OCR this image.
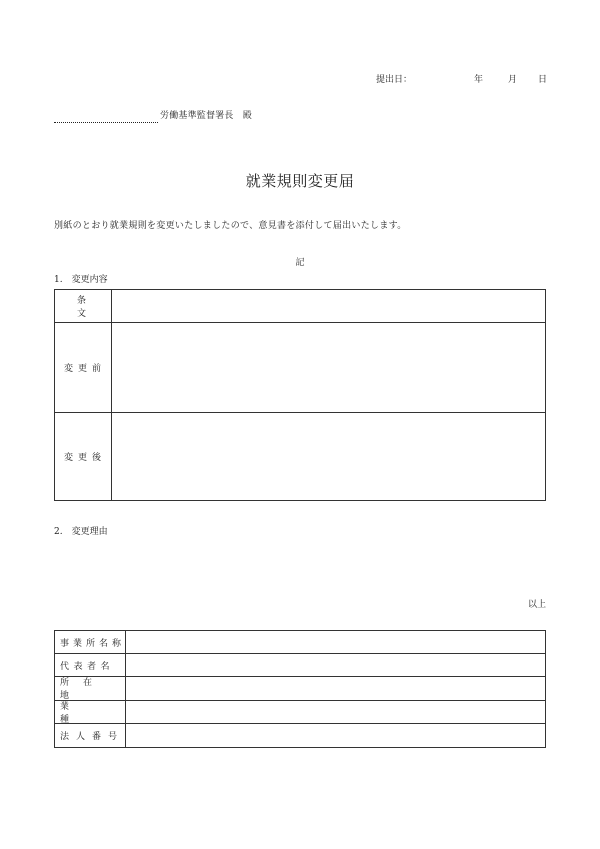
提出日：	年	月 日
労働基準監督署長　殿
就業規則変更届
別紙のとおり就業規則を変更いたしましたので、意見書を添付して届出いたします。
記
1.　変更内容
条文
変更前
変更後
2.　変更理由
以上
事業所名称
代表者名
所在地
業種
法人番号
